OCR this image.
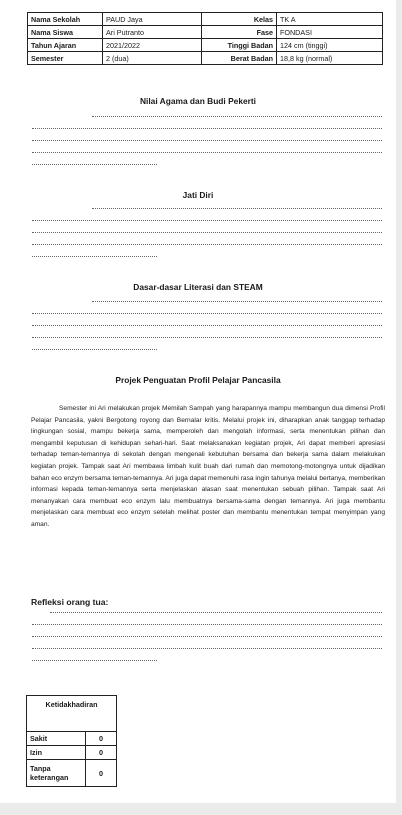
Nama Sekolah	PAUD Jaya	Kelas	TK A
Nama Siswa	Ari Putranto	Fase	FONDASI
Tahun Ajaran	2021/2022	Tinggi Badan	124 cm (tinggi)
Semester	2 (dua)	Berat Badan	18,8 kg (normal)
Nilai Agama dan Budi Pekerti
Jati Diri
Dasar-dasar Literasi dan STEAM
Projek Penguatan Profil Pelajar Pancasila

Semester ini Ari melakukan projek Memilah Sampah yang harapannya mampu membangun dua dimensi Profil Pelajar Pancasila, yakni Bergotong royong dan Bernalar kritis. Melalui projek ini, diharapkan anak tanggap terhadap lingkungan sosial, mampu bekerja sama, memperoleh dan mengolah informasi, serta menentukan pilihan dan mengambil keputusan di kehidupan sehari-hari. Saat melaksanakan kegiatan projek, Ari dapat memberi apresiasi terhadap teman-temannya di sekolah dengan mengenali kebutuhan bersama dan bekerja sama dalam melakukan kegiatan projek. Tampak saat Ari membawa limbah kulit buah dari rumah dan memotong-motongnya untuk dijadikan bahan eco enzym bersama teman-temannya. Ari juga dapat memenuhi rasa ingin tahunya melalui bertanya, memberikan informasi kepada teman-temannya serta menjelaskan alasan saat menentukan sebuah pilihan. Tampak saat Ari menanyakan cara membuat eco enzym lalu membuatnya bersama-sama dengan temannya. Ari juga membantu menjelaskan cara membuat eco enzym setelah melihat poster dan membantu menentukan tempat menyimpan yang aman.

Refleksi orang tua:
Ketidakhadiran	
Sakit	0
Izin	0
Tanpa keterangan	0
